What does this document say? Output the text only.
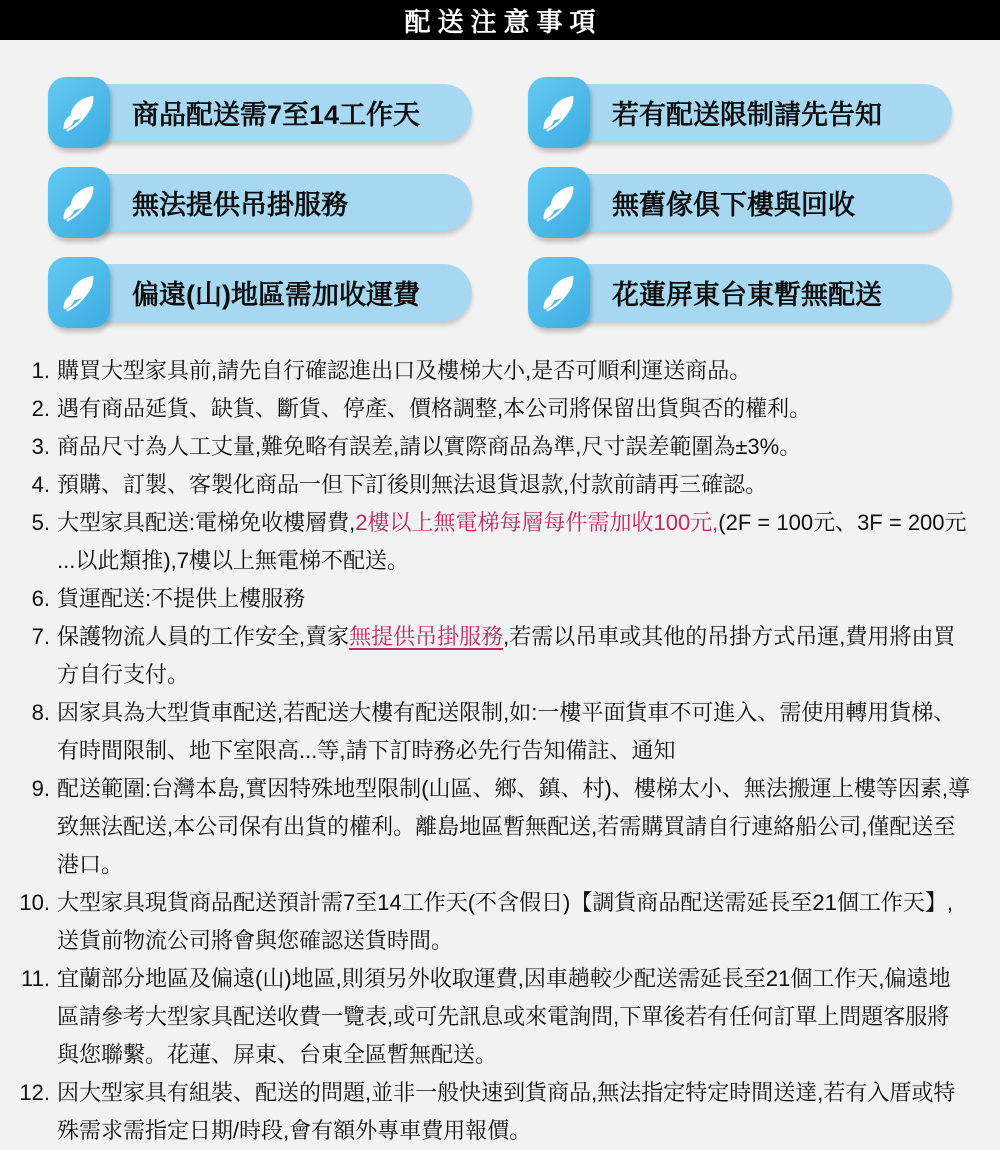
配送注意事項
商品配送需7至14工作天	若有配送限制請先告知
無法提供吊掛服務	無舊傢俱下樓與回收
偏遠(山)地區需加收運費	花蓮屏東台東暫無配送
1. 購買大型家具前,請先自行確認進出口及樓梯大小,是否可順利運送商品。

2. 遇有商品延貨、缺貨、斷貨、停產、價格調整,本公司將保留出貨與否的權利。

3. 商品尺寸為人工丈量,難免略有誤差,請以實際商品為準,尺寸誤差範圍為±3%。

4. 預購、訂製、客製化商品一但下訂後則無法退貨退款,付款前請再三確認。

5. 大型家具配送:電梯免收樓層費,2樓以上無電梯每層每件需加收100元,(2F = 100元、3F = 200元...以此類推),7樓以上無電梯不配送。

6. 貨運配送:不提供上樓服務

7. 保護物流人員的工作安全,賣家無提供吊掛服務,若需以吊車或其他的吊掛方式吊運,費用將由買方自行支付。

8. 因家具為大型貨車配送,若配送大樓有配送限制,如:一樓平面貨車不可進入、需使用轉用貨梯、有時間限制、地下室限高...等,請下訂時務必先行告知備註、通知

9. 配送範圍:台灣本島,實因特殊地型限制(山區、鄉、鎮、村)、樓梯太小、無法搬運上樓等因素,導致無法配送,本公司保有出貨的權利。離島地區暫無配送,若需購買請自行連絡船公司,僅配送至港口。

10. 大型家具現貨商品配送預計需7至14工作天(不含假日)【調貨商品配送需延長至21個工作天】,送貨前物流公司將會與您確認送貨時間。

11. 宜蘭部分地區及偏遠(山)地區,則須另外收取運費,因車趟較少配送需延長至21個工作天,偏遠地區請參考大型家具配送收費一覽表,或可先訊息或來電詢問,下單後若有任何訂單上問題客服將與您聯繫。花蓮、屏東、台東全區暫無配送。

12. 因大型家具有組裝、配送的問題,並非一般快速到貨商品,無法指定特定時間送達,若有入厝或特殊需求需指定日期/時段,會有額外專車費用報價。
